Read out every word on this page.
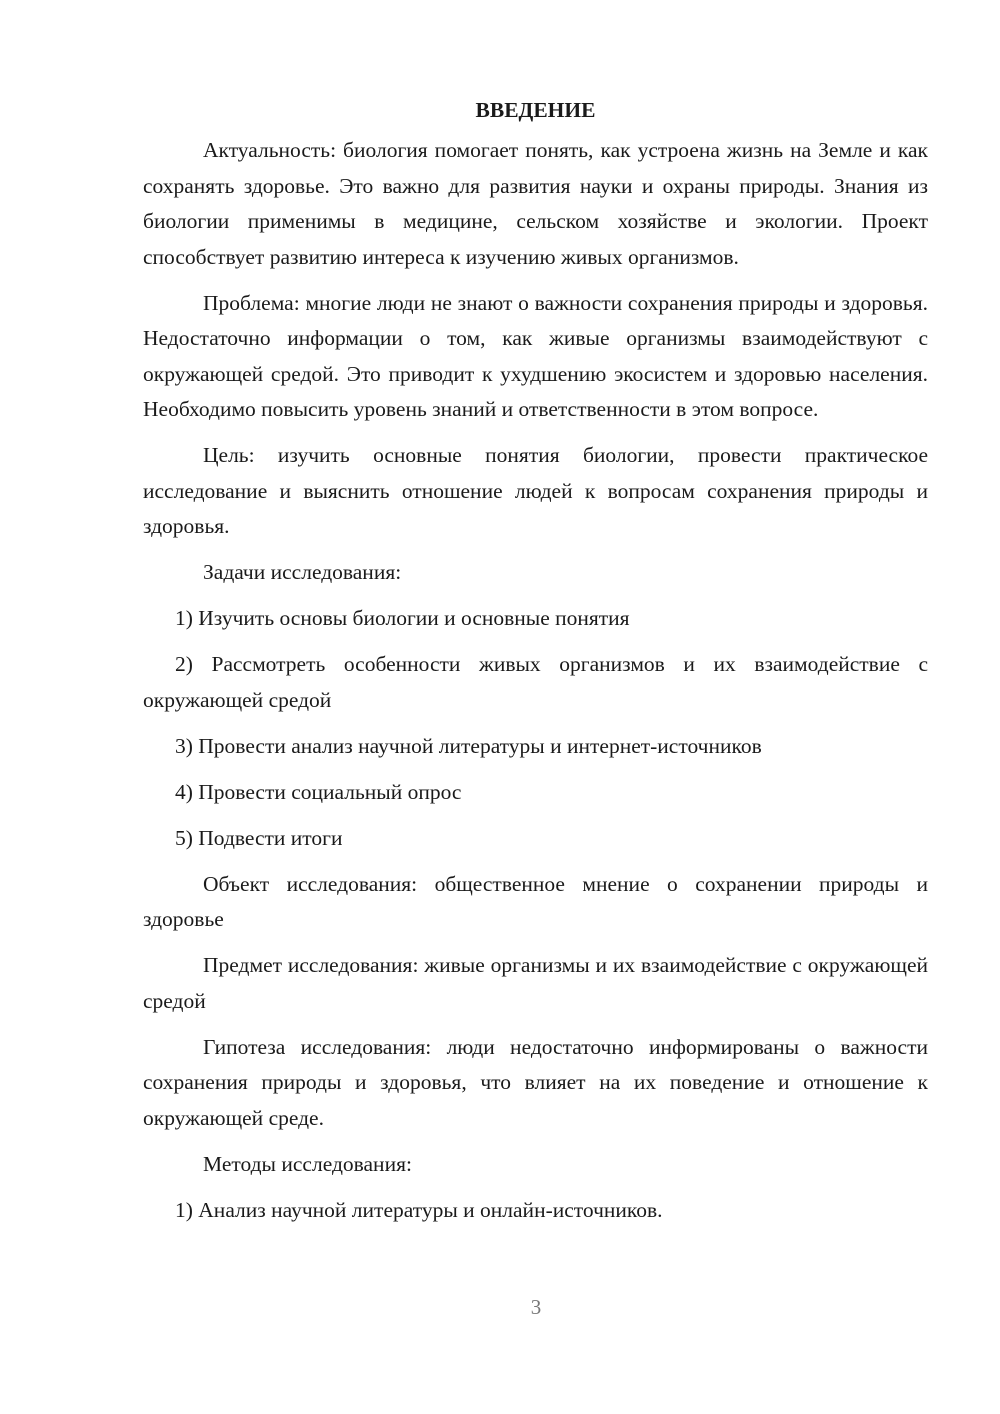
ВВЕДЕНИЕ

Актуальность: биология помогает понять, как устроена жизнь на Земле и как сохранять здоровье. Это важно для развития науки и охраны природы. Знания из биологии применимы в медицине, сельском хозяйстве и экологии. Проект способствует развитию интереса к изучению живых организмов.

Проблема: многие люди не знают о важности сохранения природы и здоровья. Недостаточно информации о том, как живые организмы взаимодействуют с окружающей средой. Это приводит к ухудшению экосистем и здоровью населения. Необходимо повысить уровень знаний и ответственности в этом вопросе.

Цель: изучить основные понятия биологии, провести практическое исследование и выяснить отношение людей к вопросам сохранения природы и здоровья.

Задачи исследования:

1) Изучить основы биологии и основные понятия

2) Рассмотреть особенности живых организмов и их взаимодействие с окружающей средой

3) Провести анализ научной литературы и интернет-источников

4) Провести социальный опрос

5) Подвести итоги

Объект исследования: общественное мнение о сохранении природы и здоровье

Предмет исследования: живые организмы и их взаимодействие с окружающей средой

Гипотеза исследования: люди недостаточно информированы о важности сохранения природы и здоровья, что влияет на их поведение и отношение к окружающей среде.

Методы исследования:

1) Анализ научной литературы и онлайн-источников.

3
